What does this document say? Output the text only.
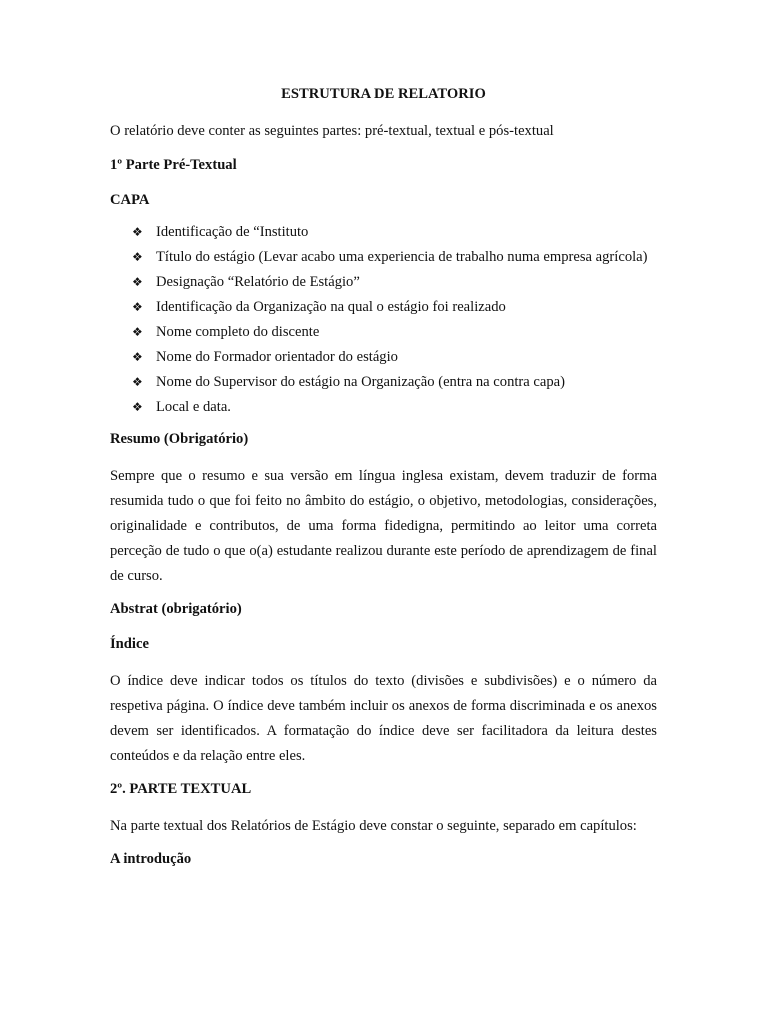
ESTRUTURA DE RELATORIO

O relatório deve conter as seguintes partes: pré-textual, textual e pós-textual

1º Parte Pré-Textual

CAPA

❖ Identificação de “Instituto
❖ Título do estágio (Levar acabo uma experiencia de trabalho numa empresa agrícola)
❖ Designação “Relatório de Estágio”
❖ Identificação da Organização na qual o estágio foi realizado
❖ Nome completo do discente
❖ Nome do Formador orientador do estágio
❖ Nome do Supervisor do estágio na Organização (entra na contra capa)
❖ Local e data.

Resumo (Obrigatório)

Sempre que o resumo e sua versão em língua inglesa existam, devem traduzir de forma resumida tudo o que foi feito no âmbito do estágio, o objetivo, metodologias, considerações, originalidade e contributos, de uma forma fidedigna, permitindo ao leitor uma correta perceção de tudo o que o(a) estudante realizou durante este período de aprendizagem de final de curso.

Abstrat (obrigatório)

Índice

O índice deve indicar todos os títulos do texto (divisões e subdivisões) e o número da respetiva página. O índice deve também incluir os anexos de forma discriminada e os anexos devem ser identificados. A formatação do índice deve ser facilitadora da leitura destes conteúdos e da relação entre eles.

2º. PARTE TEXTUAL

Na parte textual dos Relatórios de Estágio deve constar o seguinte, separado em capítulos:

A introdução
